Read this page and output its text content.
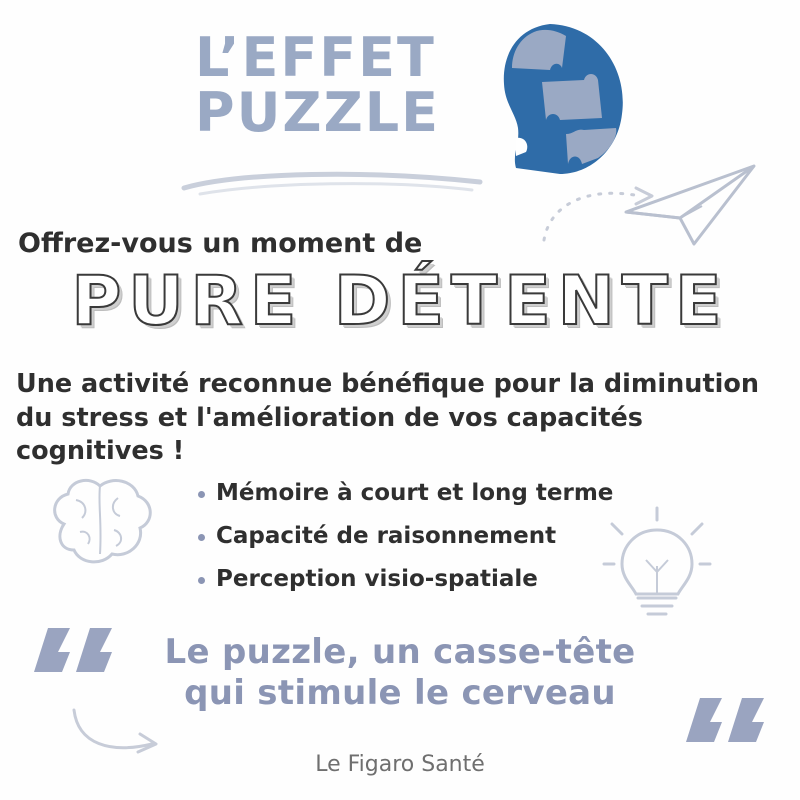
L’EFFET
PUZZLE
Offrez-vous un moment de
PURE DÉTENTE
Une activité reconnue bénéfique pour la diminution
du stress et l'amélioration de vos capacités cognitives !
Mémoire à court et long terme
Capacité de raisonnement
Perception visio-spatiale
Le puzzle, un casse-tête
qui stimule le cerveau
Le Figaro Santé
